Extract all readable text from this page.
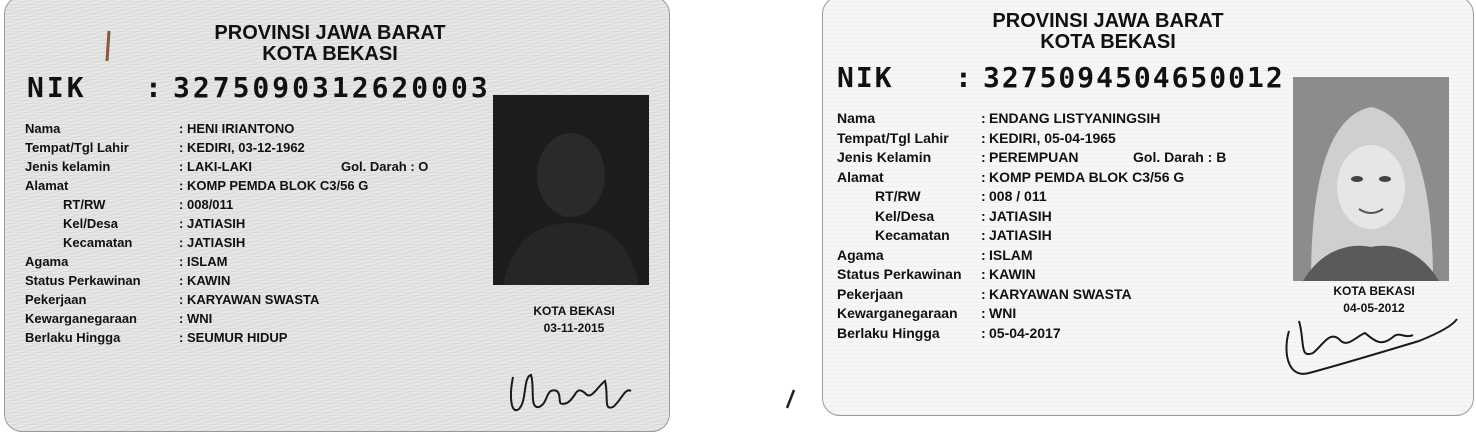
PROVINSI JAWA BARAT
KOTA BEKASI
NIK : 3275090312620003
Nama	: HENI IRIANTONO
Tempat/Tgl Lahir	: KEDIRI, 03-12-1962
Jenis kelamin	: LAKI-LAKI	Gol. Darah : O
Alamat	: KOMP PEMDA BLOK C3/56 G
RT/RW	: 008/011
Kel/Desa	: JATIASIH
Kecamatan	: JATIASIH
Agama	: ISLAM
Status Perkawinan	: KAWIN
Pekerjaan	: KARYAWAN SWASTA
Kewarganegaraan	: WNI
Berlaku Hingga	: SEUMUR HIDUP
KOTA BEKASI
03-11-2015
PROVINSI JAWA BARAT
KOTA BEKASI
NIK : 3275094504650012
Nama	: ENDANG LISTYANINGSIH
Tempat/Tgl Lahir : KEDIRI, 05-04-1965
Jenis Kelamin	: PEREMPUAN	Gol. Darah : B
Alamat	: KOMP PEMDA BLOK C3/56 G
RT/RW	: 008 / 011
Kel/Desa	: JATIASIH
Kecamatan : JATIASIH
Agama	: ISLAM
Status Perkawinan : KAWIN
Pekerjaan	: KARYAWAN SWASTA
Kewarganegaraan : WNI
Berlaku Hingga	: 05-04-2017
KOTA BEKASI
04-05-2012
